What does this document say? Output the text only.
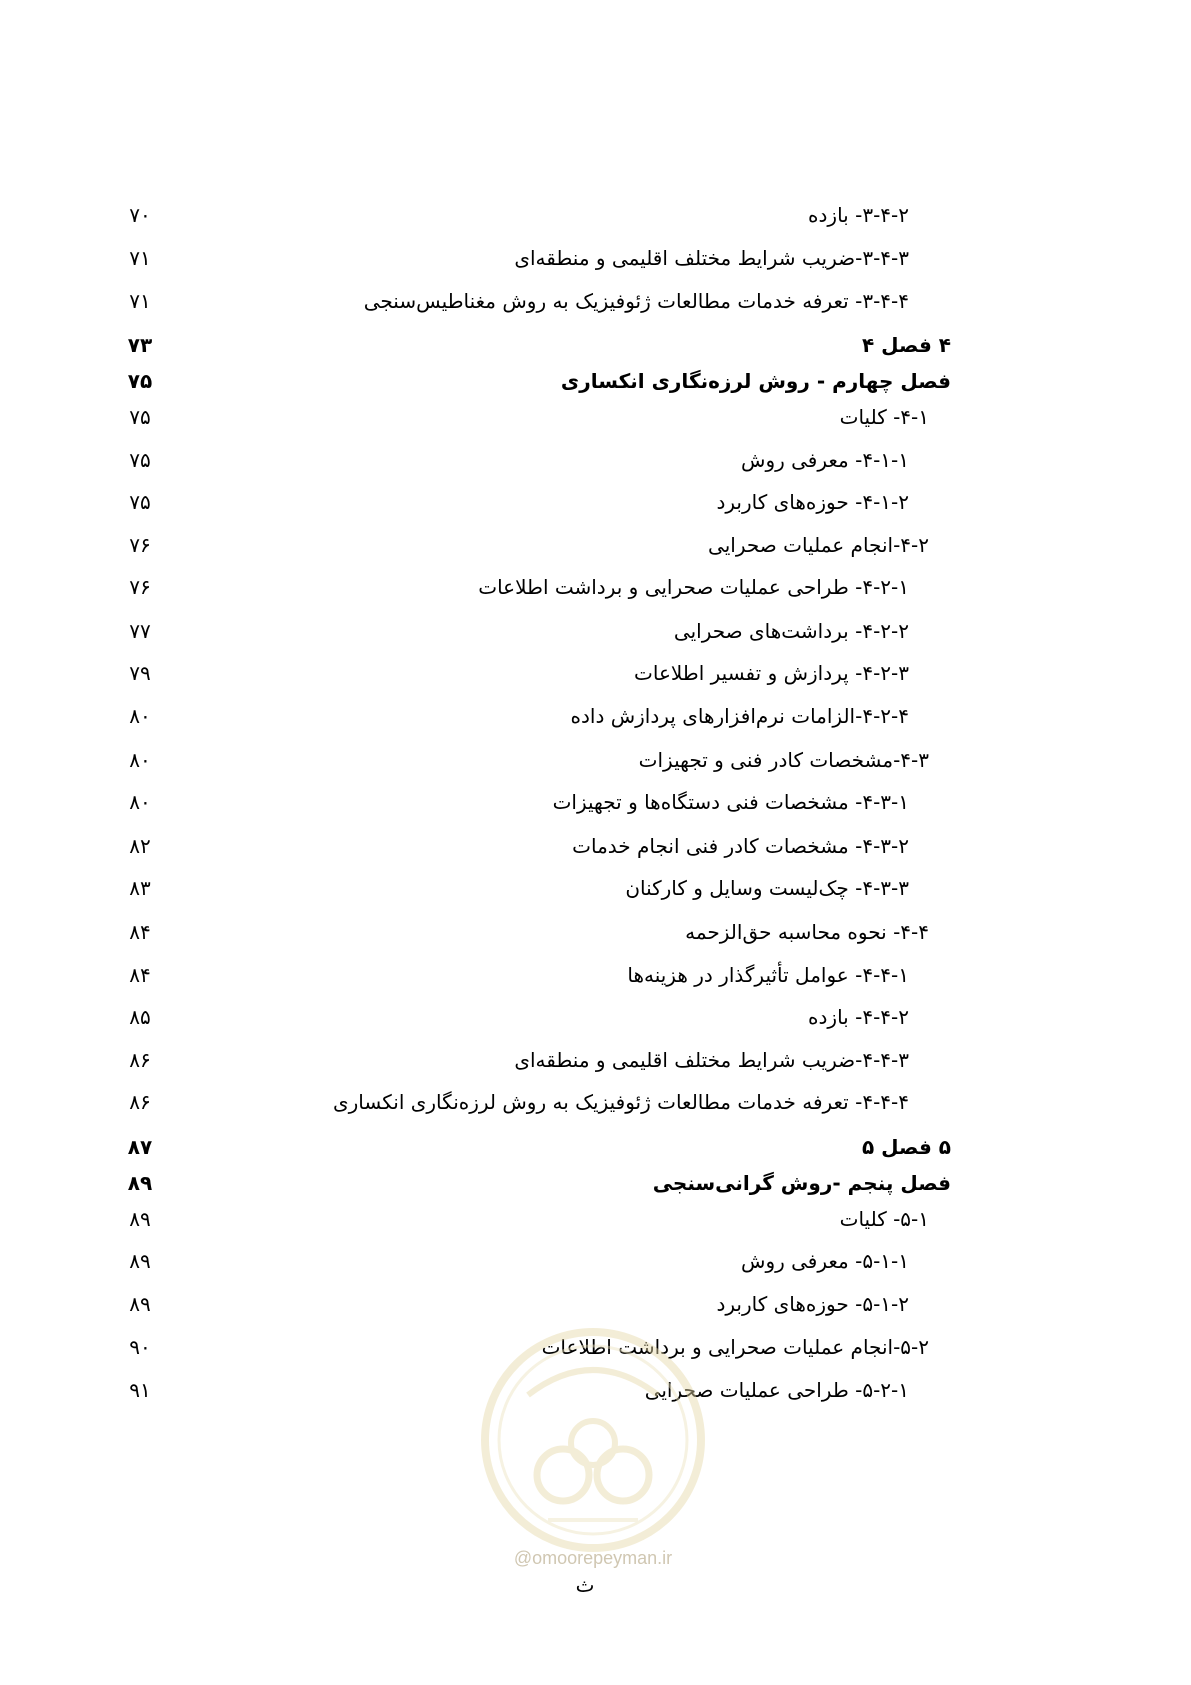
۳-۴-۲- بازده
۷۰
۳-۴-۳-ضریب شرایط مختلف اقلیمی و منطقه‌ای
۷۱
۳-۴-۴- تعرفه خدمات مطالعات ژئوفیزیک به روش مغناطیس‌سنجی
۷۱
۴ فصل ۴
۷۳
فصل چهارم - روش لرزه‌نگاری انکساری
۷۵
۴-۱- کلیات
۷۵
۴-۱-۱- معرفی روش
۷۵
۴-۱-۲- حوزه‌های کاربرد
۷۵
۴-۲-انجام عملیات صحرایی
۷۶
۴-۲-۱- طراحی عملیات صحرایی و برداشت اطلاعات
۷۶
۴-۲-۲- برداشت‌های صحرایی
۷۷
۴-۲-۳- پردازش و تفسیر اطلاعات
۷۹
۴-۲-۴-الزامات نرم‌افزارهای پردازش داده
۸۰
۴-۳-مشخصات کادر فنی و تجهیزات
۸۰
۴-۳-۱- مشخصات فنی دستگاه‌ها و تجهیزات
۸۰
۴-۳-۲- مشخصات کادر فنی انجام خدمات
۸۲
۴-۳-۳- چک‌لیست وسایل و کارکنان
۸۳
۴-۴- نحوه محاسبه حق‌الزحمه
۸۴
۴-۴-۱- عوامل تأثیرگذار در هزینه‌ها
۸۴
۴-۴-۲- بازده
۸۵
۴-۴-۳-ضریب شرایط مختلف اقلیمی و منطقه‌ای
۸۶
۴-۴-۴- تعرفه خدمات مطالعات ژئوفیزیک به روش لرزه‌نگاری انکساری
۸۶
۵ فصل ۵
۸۷
فصل پنجم -روش گرانی‌سنجی
۸۹
۵-۱- کلیات
۸۹
۵-۱-۱- معرفی روش
۸۹
۵-۱-۲- حوزه‌های کاربرد
۸۹
۵-۲-انجام عملیات صحرایی و برداشت اطلاعات
۹۰
۵-۲-۱- طراحی عملیات صحرایی
۹۱
@omoorepeyman.ir
ث
